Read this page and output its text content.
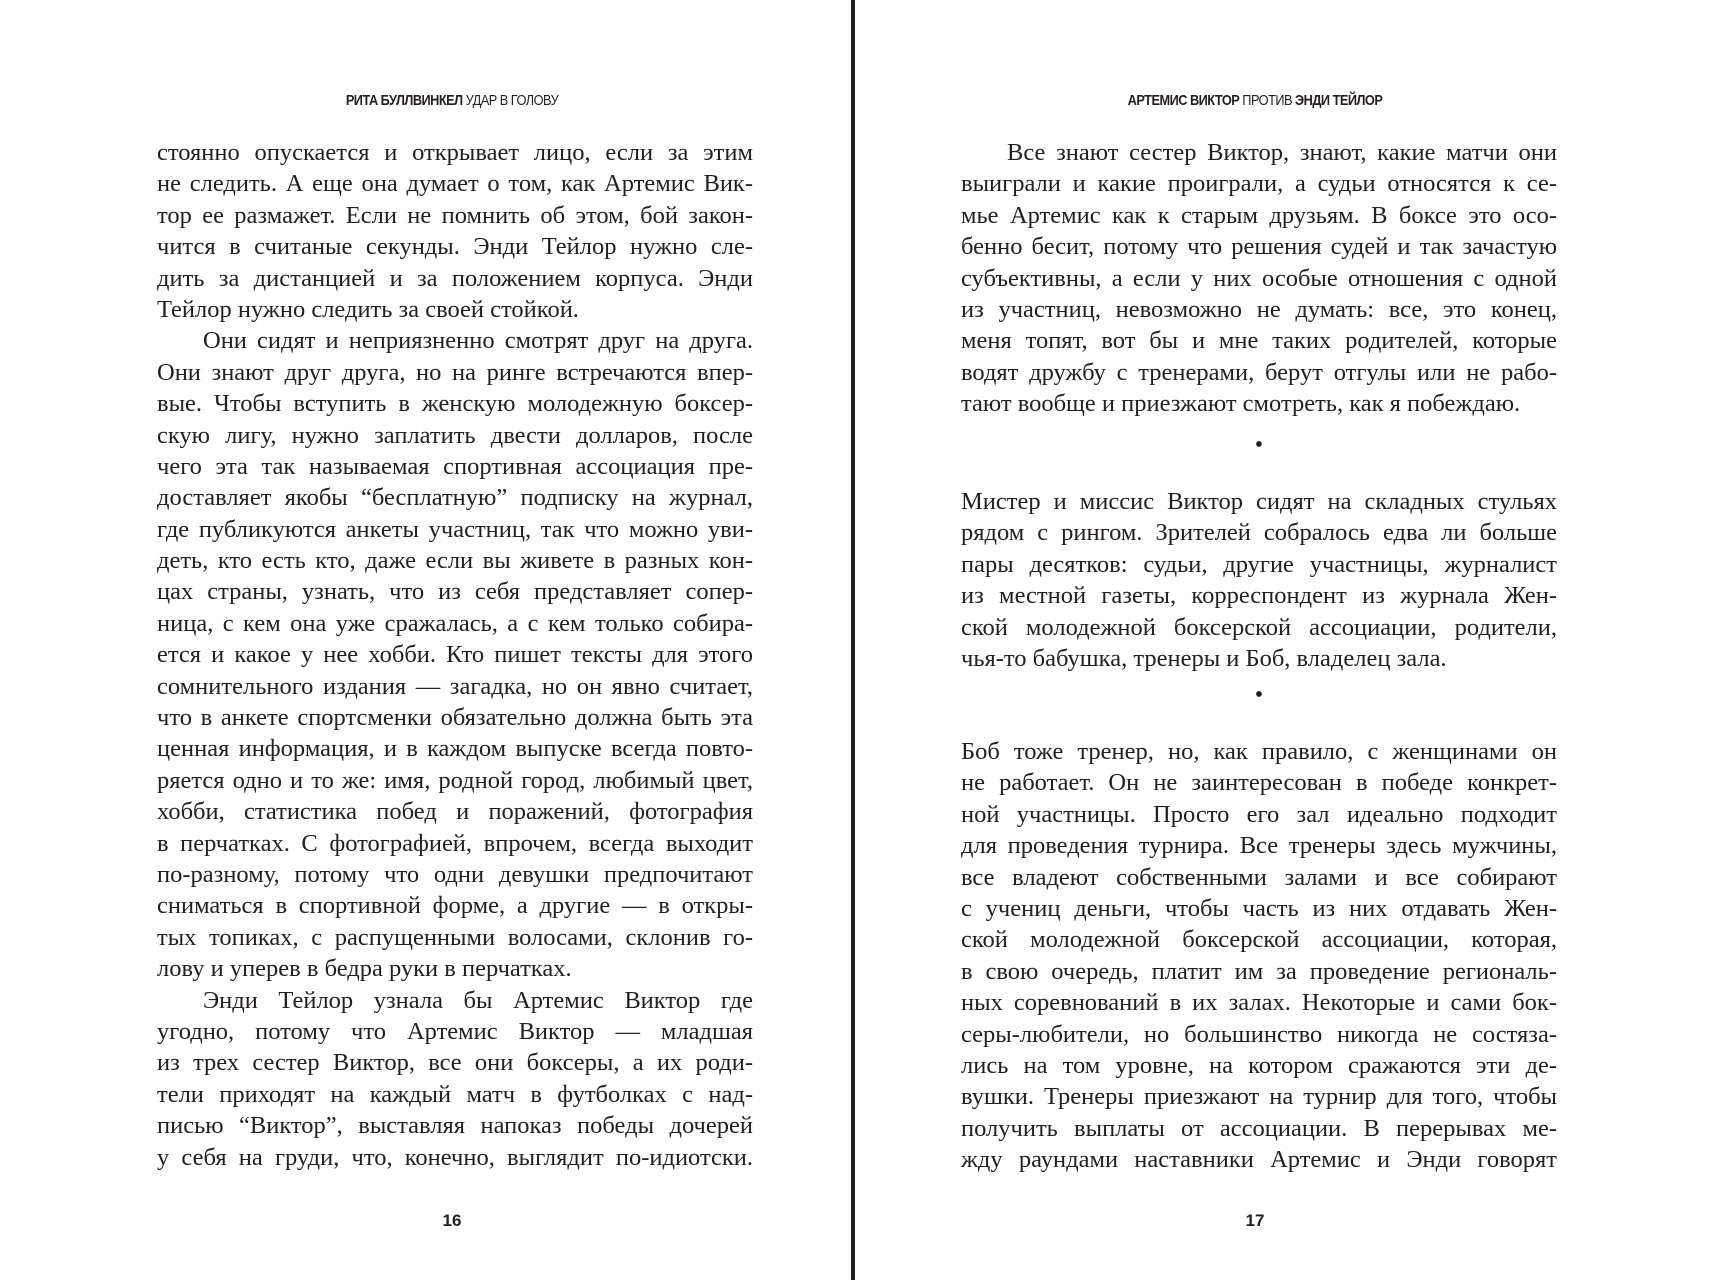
РИТА БУЛЛВИНКЕЛ УДАР В ГОЛОВУ	АРТЕМИС ВИКТОР ПРОТИВ ЭНДИ ТЕЙЛОР
стоянно опускается и открывает лицо, если за этим
не следить. А еще она думает о том, как Артемис Вик-
тор ее размажет. Если не помнить об этом, бой закон-
чится в считаные секунды. Энди Тейлор нужно сле-
дить за дистанцией и за положением корпуса. Энди
Тейлор нужно следить за своей стойкой.
Они сидят и неприязненно смотрят друг на друга.
Они знают друг друга, но на ринге встречаются впер-
вые. Чтобы вступить в женскую молодежную боксер-
скую лигу, нужно заплатить двести долларов, после
чего эта так называемая спортивная ассоциация пре-
доставляет якобы “бесплатную” подписку на журнал,
где публикуются анкеты участниц, так что можно уви-
деть, кто есть кто, даже если вы живете в разных кон-
цах страны, узнать, что из себя представляет сопер-
ница, с кем она уже сражалась, а с кем только собира-
ется и какое у нее хобби. Кто пишет тексты для этого
сомнительного издания — загадка, но он явно считает,
что в анкете спортсменки обязательно должна быть эта
ценная информация, и в каждом выпуске всегда повто-
ряется одно и то же: имя, родной город, любимый цвет,
хобби, статистика побед и поражений, фотография
в перчатках. С фотографией, впрочем, всегда выходит
по-разному, потому что одни девушки предпочитают
сниматься в спортивной форме, а другие — в откры-
тых топиках, с распущенными волосами, склонив го-
лову и уперев в бедра руки в перчатках.
Энди Тейлор узнала бы Артемис Виктор где
угодно, потому что Артемис Виктор — младшая
из трех сестер Виктор, все они боксеры, а их роди-
тели приходят на каждый матч в футболках с над-
писью “Виктор”, выставляя напоказ победы дочерей
у себя на груди, что, конечно, выглядит по-идиотски.
Все знают сестер Виктор, знают, какие матчи они
выиграли и какие проиграли, а судьи относятся к се-
мье Артемис как к старым друзьям. В боксе это осо-
бенно бесит, потому что решения судей и так зачастую
субъективны, а если у них особые отношения с одной
из участниц, невозможно не думать: все, это конец,
меня топят, вот бы и мне таких родителей, которые
водят дружбу с тренерами, берут отгулы или не рабо-
тают вообще и приезжают смотреть, как я побеждаю.
•
Мистер и миссис Виктор сидят на складных стульях
рядом с рингом. Зрителей собралось едва ли больше
пары десятков: судьи, другие участницы, журналист
из местной газеты, корреспондент из журнала Жен-
ской молодежной боксерской ассоциации, родители,
чья-то бабушка, тренеры и Боб, владелец зала.
•
Боб тоже тренер, но, как правило, с женщинами он
не работает. Он не заинтересован в победе конкрет-
ной участницы. Просто его зал идеально подходит
для проведения турнира. Все тренеры здесь мужчины,
все владеют собственными залами и все собирают
с учениц деньги, чтобы часть из них отдавать Жен-
ской молодежной боксерской ассоциации, которая,
в свою очередь, платит им за проведение региональ-
ных соревнований в их залах. Некоторые и сами бок-
серы-любители, но большинство никогда не состяза-
лись на том уровне, на котором сражаются эти де-
вушки. Тренеры приезжают на турнир для того, чтобы
получить выплаты от ассоциации. В перерывах ме-
жду раундами наставники Артемис и Энди говорят
16	17
